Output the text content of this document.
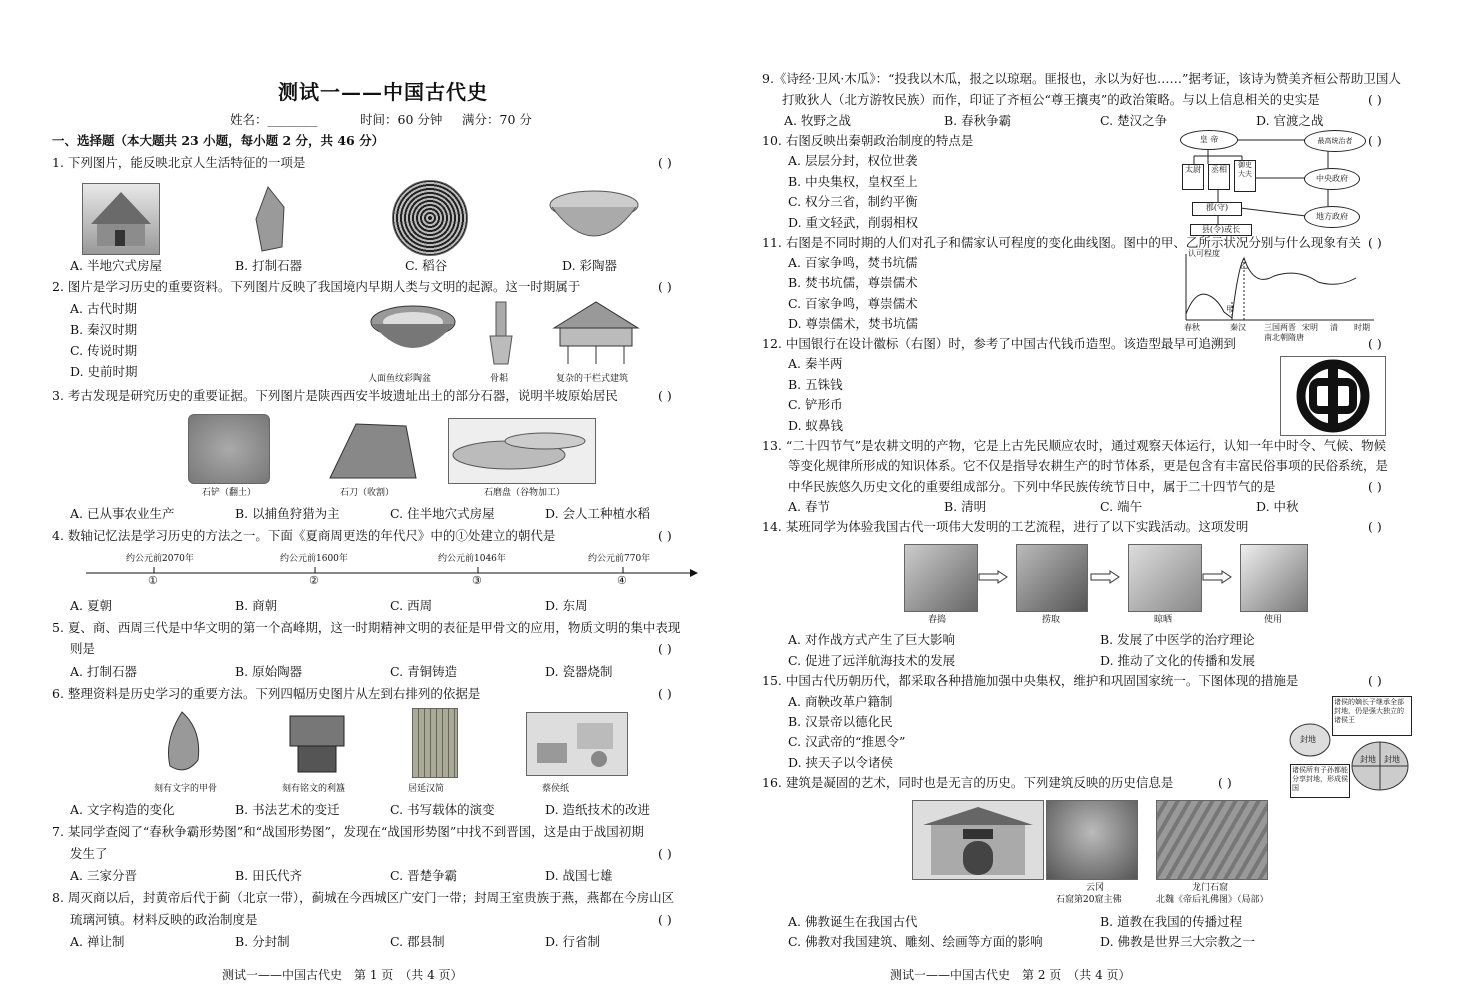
测试一——中国古代史
姓名：________	时间：60 分钟 满分：70 分
一、选择题（本大题共 23 小题，每小题 2 分，共 46 分）
1. 下列图片，能反映北京人生活特征的一项是	( )
A. 半地穴式房屋	B. 打制石器	C. 稻谷	D. 彩陶器
2. 图片是学习历史的重要资料。下列图片反映了我国境内早期人类与文明的起源。这一时期属于	( )
A. 古代时期
B. 秦汉时期
C. 传说时期
D. 史前时期	人面鱼纹彩陶盆	骨耜	复杂的干栏式建筑
3. 考古发现是研究历史的重要证据。下列图片是陕西西安半坡遗址出土的部分石器，说明半坡原始居民	( )
石铲（翻土）	石刀（收割）	石磨盘（谷物加工）
A. 已从事农业生产	B. 以捕鱼狩猎为主	C. 住半地穴式房屋	D. 会人工种植水稻
4. 数轴记忆法是学习历史的方法之一。下面《夏商周更迭的年代尺》中的①处建立的朝代是	( )
约公元前2070年	约公元前1600年	约公元前1046年	约公元前770年
①	②	③	④
A. 夏朝	B. 商朝	C. 西周	D. 东周
5. 夏、商、西周三代是中华文明的第一个高峰期，这一时期精神文明的表征是甲骨文的应用，物质文明的集中表现
则是	( )
A. 打制石器	B. 原始陶器	C. 青铜铸造	D. 瓷器烧制
6. 整理资料是历史学习的重要方法。下列四幅历史图片从左到右排列的依据是	( )
刻有文字的甲骨	刻有铭文的利簋	居延汉简	蔡侯纸
A. 文字构造的变化	B. 书法艺术的变迁	C. 书写载体的演变	D. 造纸技术的改进
7. 某同学查阅了“春秋争霸形势图”和“战国形势图”，发现在“战国形势图”中找不到晋国，这是由于战国初期
发生了	( )
A. 三家分晋	B. 田氏代齐	C. 晋楚争霸	D. 战国七雄
8. 周灭商以后，封黄帝后代于蓟（北京一带），蓟城在今西城区广安门一带；封周王室贵族于燕，燕都在今房山区
琉璃河镇。材料反映的政治制度是	( )
A. 禅让制	B. 分封制	C. 郡县制	D. 行省制
测试一——中国古代史　第 1 页　（共 4 页）
9.《诗经·卫风·木瓜》：“投我以木瓜，报之以琼琚。匪报也，永以为好也……”据考证，该诗为赞美齐桓公帮助卫国人
打败狄人（北方游牧民族）而作，印证了齐桓公“尊王攘夷”的政治策略。与以上信息相关的史实是	( )
A. 牧野之战	B. 春秋争霸	C. 楚汉之争	D. 官渡之战
10. 右图反映出秦朝政治制度的特点是	( )
A. 层层分封，权位世袭
B. 中央集权，皇权至上
C. 权分三省，制约平衡
D. 重文轻武，削弱相权
皇 帝	最高统治者
太尉	丞相	御史大夫	中央政府
郡(守)
地方政府
县(令)或长
11. 右图是不同时期的人们对孔子和儒家认可程度的变化曲线图。图中的甲、乙所示状况分别与什么现象有关 ( )
A. 百家争鸣，焚书坑儒
B. 焚书坑儒，尊崇儒术
C. 百家争鸣，尊崇儒术
D. 尊崇儒术，焚书坑儒
认可程度
甲
乙
春秋	秦汉 三国两晋 宋明 清 时期
南北朝隋唐
12. 中国银行在设计徽标（右图）时，参考了中国古代钱币造型。该造型最早可追溯到	( )
A. 秦半两
B. 五铢钱
C. 铲形币
D. 蚁鼻钱
13. “二十四节气”是农耕文明的产物，它是上古先民顺应农时，通过观察天体运行，认知一年中时令、气候、物候
等变化规律所形成的知识体系。它不仅是指导农耕生产的时节体系，更是包含有丰富民俗事项的民俗系统，是
中华民族悠久历史文化的重要组成部分。下列中华民族传统节日中，属于二十四节气的是	( )
A. 春节	B. 清明	C. 端午	D. 中秋
14. 某班同学为体验我国古代一项伟大发明的工艺流程，进行了以下实践活动。这项发明	( )
舂捣	捞取	晾晒	使用
A. 对作战方式产生了巨大影响	B. 发展了中医学的治疗理论
C. 促进了远洋航海技术的发展	D. 推动了文化的传播和发展
15. 中国古代历朝历代，都采取各种措施加强中央集权，维护和巩固国家统一。下图体现的措施是	( )
A. 商鞅改革户籍制
B. 汉景帝以德化民
C. 汉武帝的“推恩令”
D. 挟天子以令诸侯
诸侯的嫡长子继承全部封地，仍是强大独立的诸侯王
诸侯所有子孙都能分享封地，形成侯国
封地
封地 封地
16. 建筑是凝固的艺术，同时也是无言的历史。下列建筑反映的历史信息是	( )
云冈
石窟第20窟主佛
龙门石窟
北魏《帝后礼佛图》（局部）
A. 佛教诞生在我国古代	B. 道教在我国的传播过程
C. 佛教对我国建筑、雕刻、绘画等方面的影响	D. 佛教是世界三大宗教之一
测试一——中国古代史　第 2 页　（共 4 页）
